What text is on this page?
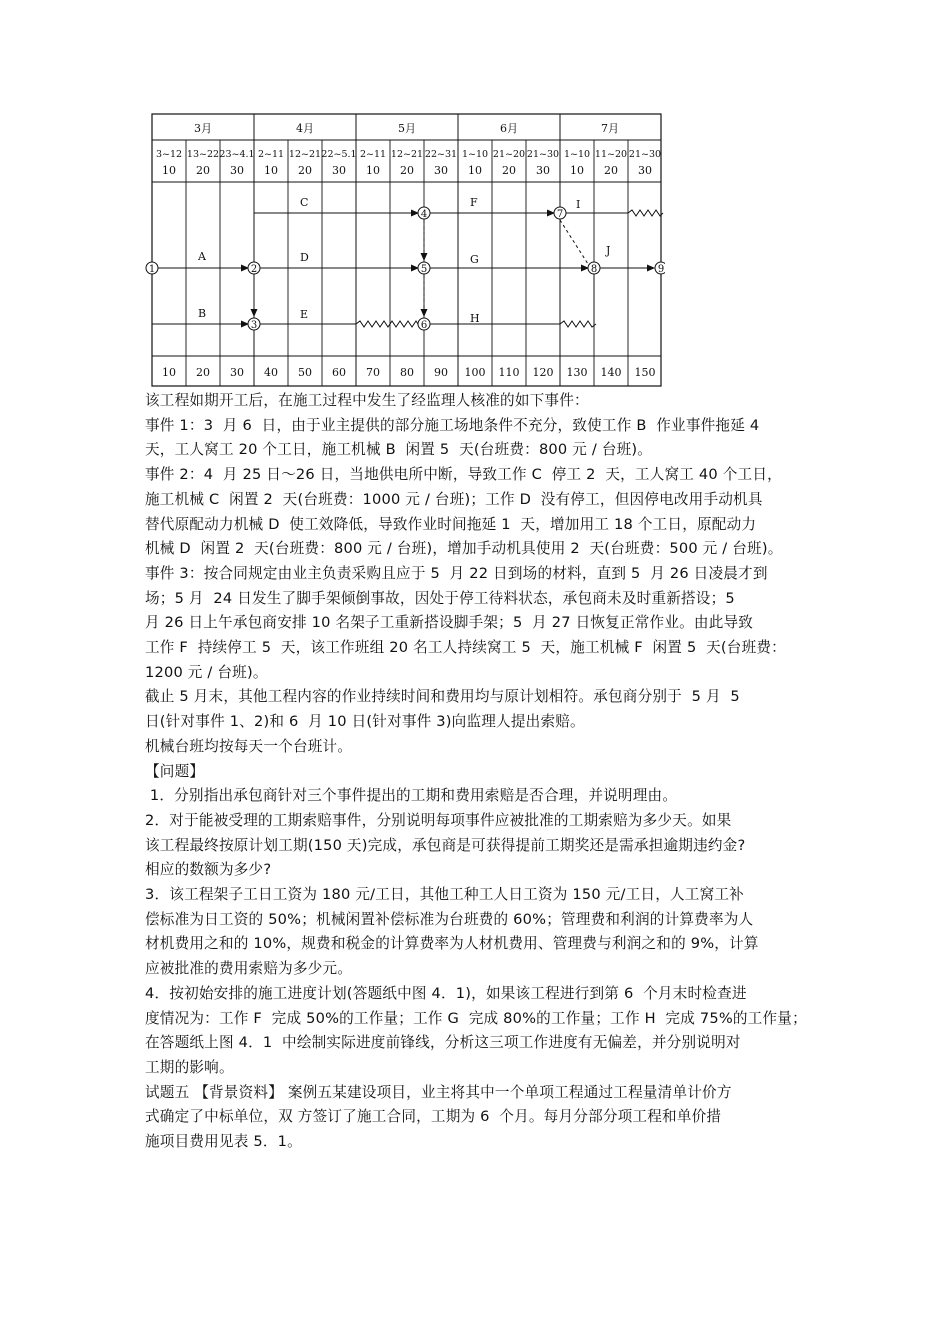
3月	4月	5月	6月	7月
3~12 13~22 23~4.1 2~11 12~21 22~5.1 2~11 12~21 22~31 1~10 21~20 21~30 1~10 11~20 21~30
10 20 30 10 20 30 10 20 30 10 20 30 10 20 30
10 20 30 40 50 60 70 80 90 100 110 120 130 140 150
A
B
C
D
E
F
G
H
I
J
1	2
3
4
5
6
7
8	9
该工程如期开工后，在施工过程中发生了经监理人核准的如下事件：
事件 1：3  月 6  日，由于业主提供的部分施工场地条件不充分，致使工作 B  作业事件拖延 4
天，工人窝工 20 个工日，施工机械 B  闲置 5  天(台班费：800 元 / 台班)。
事件 2：4  月 25 日～26 日，当地供电所中断，导致工作 C  停工 2  天，工人窝工 40 个工日，
施工机械 C  闲置 2  天(台班费：1000 元 / 台班)；工作 D  没有停工，但因停电改用手动机具
替代原配动力机械 D  使工效降低，导致作业时间拖延 1  天，增加用工 18 个工日，原配动力
机械 D  闲置 2  天(台班费：800 元 / 台班)，增加手动机具使用 2  天(台班费：500 元 / 台班)。
事件 3：按合同规定由业主负责采购且应于 5  月 22 日到场的材料，直到 5  月 26 日凌晨才到
场；5 月  24 日发生了脚手架倾倒事故，因处于停工待料状态，承包商未及时重新搭设；5
月 26 日上午承包商安排 10 名架子工重新搭设脚手架；5  月 27 日恢复正常作业。由此导致
工作 F  持续停工 5  天，该工作班组 20 名工人持续窝工 5  天，施工机械 F  闲置 5  天(台班费：
1200 元 / 台班)。
截止 5 月末，其他工程内容的作业持续时间和费用均与原计划相符。承包商分别于  5 月  5
日(针对事件 1、2)和 6  月 10 日(针对事件 3)向监理人提出索赔。
机械台班均按每天一个台班计。
【问题】
1．分别指出承包商针对三个事件提出的工期和费用索赔是否合理，并说明理由。
2．对于能被受理的工期索赔事件，分别说明每项事件应被批准的工期索赔为多少天。如果
该工程最终按原计划工期(150 天)完成，承包商是可获得提前工期奖还是需承担逾期违约金?
相应的数额为多少?
3．该工程架子工日工资为 180 元/工日，其他工种工人日工资为 150 元/工日，人工窝工补
偿标准为日工资的 50%；机械闲置补偿标准为台班费的 60%；管理费和利润的计算费率为人
材机费用之和的 10%，规费和税金的计算费率为人材机费用、管理费与利润之和的 9%，计算
应被批准的费用索赔为多少元。
4．按初始安排的施工进度计划(答题纸中图 4．1)，如果该工程进行到第 6  个月末时检查进
度情况为：工作 F  完成 50%的工作量；工作 G  完成 80%的工作量；工作 H  完成 75%的工作量；
在答题纸上图 4．1  中绘制实际进度前锋线，分析这三项工作进度有无偏差，并分别说明对
工期的影响。
试题五 【背景资料】 案例五某建设项目，业主将其中一个单项工程通过工程量清单计价方
式确定了中标单位，双 方签订了施工合同，工期为 6  个月。每月分部分项工程和单价措
施项目费用见表 5．1。
